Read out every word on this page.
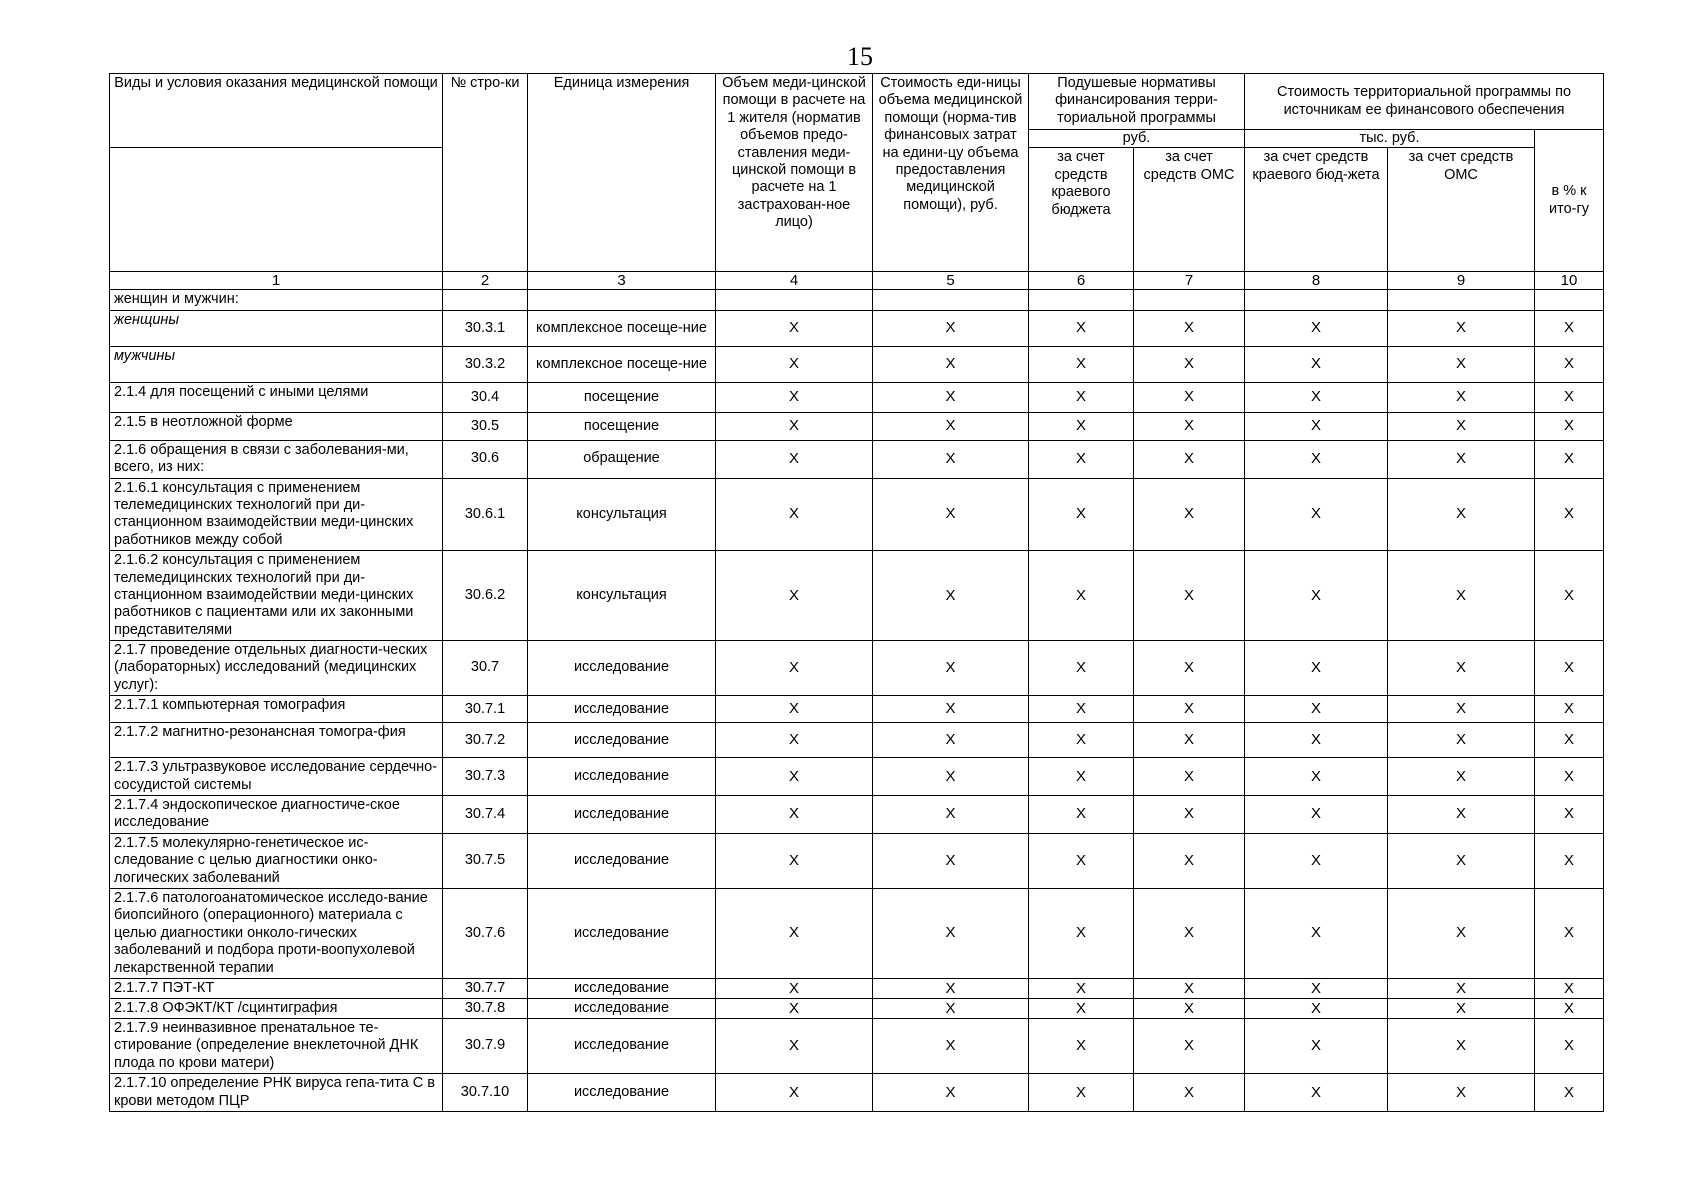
15
Виды и условия оказания медицинской помощи	№ стро-ки	Единица измерения	Объем меди-цинской помощи в расчете на 1 жителя (норматив объемов предо-ставления меди-цинской помощи в расчете на 1 застрахован-ное лицо)	Стоимость еди-ницы объема медицинской помощи (норма-тив финансовых затрат на едини-цу объема предоставления медицинской помощи), руб.	Подушевые нормативы финансирования терри-ториальной программы		Стоимость территориальной программы по источникам ее финансового обеспечения		
					руб.		тыс. руб.		в % к ито-гу
					за счет средств краевого бюджета	за счет средств ОМС	за счет средств краевого бюд-жета	за счет средств ОМС	
1	2	3	4	5	6	7	8	9	10
женщин и мужчин:									
женщины	30.3.1	комплексное посеще-ние	X	X	X	X	X	X	X
мужчины	30.3.2	комплексное посеще-ние	X	X	X	X	X	X	X
2.1.4 для посещений с иными целями	30.4	посещение	X	X	X	X	X	X	X
2.1.5 в неотложной форме	30.5	посещение	X	X	X	X	X	X	X
2.1.6 обращения в связи с заболевания-ми, всего, из них:	30.6	обращение	X	X	X	X	X	X	X
2.1.6.1 консультация с применением телемедицинских технологий при ди-станционном взаимодействии меди-цинских работников между собой	30.6.1	консультация	X	X	X	X	X	X	X
2.1.6.2 консультация с применением телемедицинских технологий при ди-станционном взаимодействии меди-цинских работников с пациентами или их законными представителями	30.6.2	консультация	X	X	X	X	X	X	X
2.1.7 проведение отдельных диагности-ческих (лабораторных) исследований (медицинских услуг):	30.7	исследование	X	X	X	X	X	X	X
2.1.7.1 компьютерная томография	30.7.1	исследование	X	X	X	X	X	X	X
2.1.7.2 магнитно-резонансная томогра-фия	30.7.2	исследование	X	X	X	X	X	X	X
2.1.7.3 ультразвуковое исследование сердечно-сосудистой системы	30.7.3	исследование	X	X	X	X	X	X	X
2.1.7.4 эндоскопическое диагностиче-ское исследование	30.7.4	исследование	X	X	X	X	X	X	X
2.1.7.5 молекулярно-генетическое ис-следование с целью диагностики онко-логических заболеваний	30.7.5	исследование	X	X	X	X	X	X	X
2.1.7.6 патологоанатомическое исследо-вание биопсийного (операционного) материала с целью диагностики онколо-гических заболеваний и подбора проти-воопухолевой лекарственной терапии	30.7.6	исследование	X	X	X	X	X	X	X
2.1.7.7 ПЭТ-КТ	30.7.7	исследование	X	X	X	X	X	X	X
2.1.7.8 ОФЭКТ/КТ /сцинтиграфия	30.7.8	исследование	X	X	X	X	X	X	X
2.1.7.9 неинвазивное пренатальное те-стирование (определение внеклеточной ДНК плода по крови матери)	30.7.9	исследование	X	X	X	X	X	X	X
2.1.7.10 определение РНК вируса гепа-тита С в крови методом ПЦР	30.7.10	исследование	X	X	X	X	X	X	X
